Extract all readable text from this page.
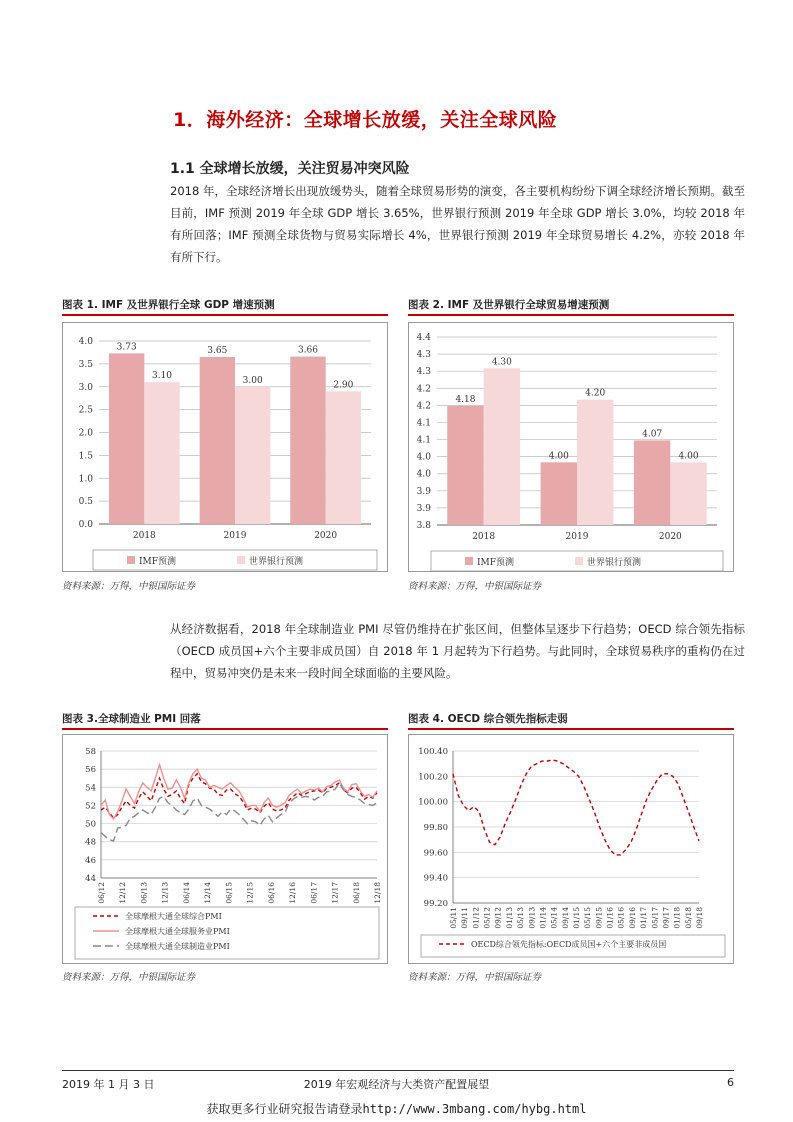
1．海外经济：全球增长放缓，关注全球风险
1.1 全球增长放缓，关注贸易冲突风险
2018 年，全球经济增长出现放缓势头，随着全球贸易形势的演变，各主要机构纷纷下调全球经济增长预期。截至目前，IMF 预测 2019 年全球 GDP 增长 3.65%，世界银行预测 2019 年全球 GDP 增长 3.0%，均较 2018 年有所回落；IMF 预测全球货物与贸易实际增长 4%，世界银行预测 2019 年全球贸易增长 4.2%，亦较 2018 年有所下行。
图表 1. IMF 及世界银行全球 GDP 增速预测
0.0
0.5
1.0
1.5
2.0
2.5
3.0
3.5
4.0
3.73
3.10
2018
3.65
3.00
2019
3.66
2.90
2020
IMF预测	世界银行预测
资料来源：万得，中银国际证券
图表 2. IMF 及世界银行全球贸易增速预测
3.8
3.9
3.9
4.0
4.0
4.1
4.1
4.2
4.2
4.3
4.3
4.4
4.18
4.30
2018
4.00
4.20
2019
4.07
4.00
2020
IMF预测	世界银行预测
资料来源：万得，中银国际证券
从经济数据看，2018 年全球制造业 PMI 尽管仍维持在扩张区间，但整体呈逐步下行趋势；OECD 综合领先指标（OECD 成员国+六个主要非成员国）自 2018 年 1 月起转为下行趋势。与此同时，全球贸易秩序的重构仍在过程中，贸易冲突仍是未来一段时间全球面临的主要风险。
图表 3.全球制造业 PMI 回落
44
46
48
50
52
54
56
58
06/12 12/12 06/13 12/13 06/14 12/14 06/15 12/15 06/16 12/16 06/17 12/17 06/18 12/18
全球摩根大通全球综合PMI
全球摩根大通全球服务业PMI
全球摩根大通全球制造业PMI
资料来源：万得，中银国际证券
图表 4. OECD 综合领先指标走弱
99.20
99.40
99.60
99.80
100.00
100.20
100.40
05/11 09/11 01/12 05/12 09/12 01/13 05/13 09/13 01/14 05/14 09/14 01/15 05/15 09/15 01/16 05/16 09/16 01/17 05/17 09/17 01/18 05/18 09/18
OECD综合领先指标:OECD成员国+六个主要非成员国
资料来源：万得，中银国际证券
2019 年 1 月 3 日	2019 年宏观经济与大类资产配置展望	6
获取更多行业研究报告请登录http://www.3mbang.com/hybg.html
